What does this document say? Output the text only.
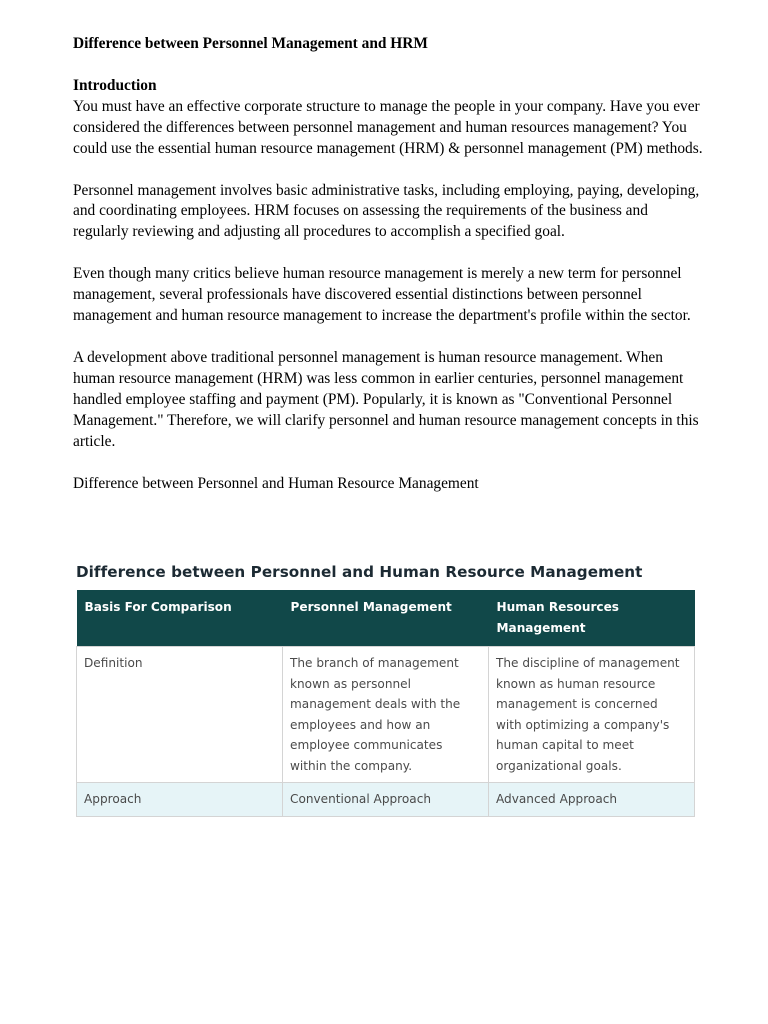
Difference between Personnel Management and HRM

Introduction

You must have an effective corporate structure to manage the people in your company. Have you ever considered the differences between personnel management and human resources management? You could use the essential human resource management (HRM) & personnel management (PM) methods.

Personnel management involves basic administrative tasks, including employing, paying, developing, and coordinating employees. HRM focuses on assessing the requirements of the business and regularly reviewing and adjusting all procedures to accomplish a specified goal.

Even though many critics believe human resource management is merely a new term for personnel management, several professionals have discovered essential distinctions between personnel management and human resource management to increase the department's profile within the sector.

A development above traditional personnel management is human resource management. When human resource management (HRM) was less common in earlier centuries, personnel management handled employee staffing and payment (PM). Popularly, it is known as "Conventional Personnel Management." Therefore, we will clarify personnel and human resource management concepts in this article.

Difference between Personnel and Human Resource Management

Difference between Personnel and Human Resource Management
Basis For Comparison	Personnel Management	Human Resources Management
Definition	The branch of management known as personnel management deals with the employees and how an employee communicates within the company.	The discipline of management known as human resource management is concerned with optimizing a company's human capital to meet organizational goals.
Approach	Conventional Approach	Advanced Approach
